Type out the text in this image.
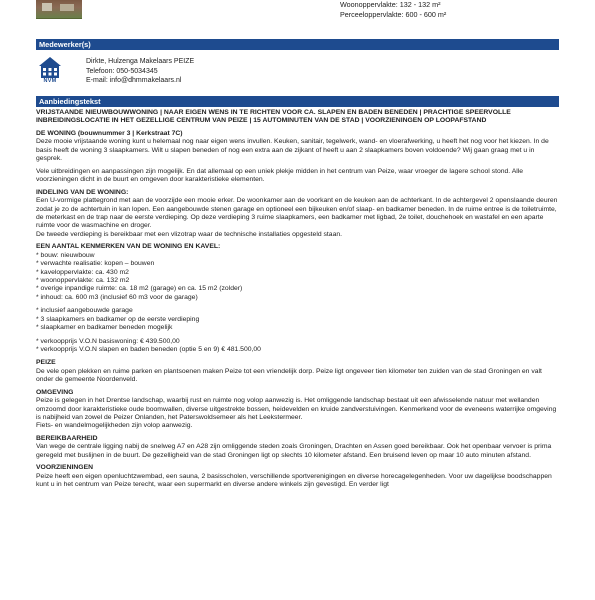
Woonoppervlakte: 132 - 132 m²
Perceeloppervlakte: 600 - 600 m²
Medewerker(s)
NVM
Dirkte, Hulzenga Makelaars PEIZE
Telefoon: 050-5034345
E-mail: info@dhmmakelaars.nl
Aanbiedingstekst

VRIJSTAANDE NIEUWBOUWWONING | NAAR EIGEN WENS IN TE RICHTEN VOOR CA. SLAPEN EN BADEN BENEDEN | PRACHTIGE SPEERVOLLE INBREIDINGSLOCATIE IN HET GEZELLIGE CENTRUM VAN PEIZE | 15 AUTOMINUTEN VAN DE STAD | VOORZIENINGEN OP LOOPAFSTAND

DE WONING (bouwnummer 3 | Kerkstraat 7C)

Deze mooie vrijstaande woning kunt u helemaal nog naar eigen wens invullen. Keuken, sanitair, tegelwerk, wand- en vloerafwerking, u heeft het nog voor het kiezen. In de basis heeft de woning 3 slaapkamers. Wilt u slapen beneden of nog een extra aan de zijkant of heeft u aan 2 slaapkamers boven voldoende? Wij gaan graag met u in gesprek.

Vele uitbreidingen en aanpassingen zijn mogelijk. En dat allemaal op een uniek plekje midden in het centrum van Peize, waar vroeger de lagere school stond. Alle voorzieningen dicht in de buurt en omgeven door karakteristieke elementen.

INDELING VAN DE WONING:

Een U-vormige plattegrond met aan de voorzijde een mooie erker. De woonkamer aan de voorkant en de keuken aan de achterkant. In de achtergevel 2 openslaande deuren zodat je zo de achtertuin in kan lopen. Een aangebouwde stenen garage en optioneel een bijkeuken en/of slaap- en badkamer beneden. In de ruime entree is de toiletruimte, de meterkast en de trap naar de eerste verdieping. Op deze verdieping 3 ruime slaapkamers, een badkamer met ligbad, 2e toilet, douchehoek en wastafel en een aparte ruimte voor de wasmachine en droger.

De tweede verdieping is bereikbaar met een vlizotrap waar de technische installaties opgesteld staan.

EEN AANTAL KENMERKEN VAN DE WONING EN KAVEL:
* bouw: nieuwbouw
* verwachte realisatie: kopen – bouwen
* kaveloppervlakte: ca. 430 m2
* woonoppervlakte: ca. 132 m2
* overige inpandige ruimte: ca. 18 m2 (garage) en ca. 15 m2 (zolder)
* inhoud: ca. 600 m3 (inclusief 60 m3 voor de garage)
* inclusief aangebouwde garage
* 3 slaapkamers en badkamer op de eerste verdieping
* slaapkamer en badkamer beneden mogelijk
* verkoopprijs V.O.N basiswoning: € 439.500,00
* verkoopprijs V.O.N slapen en baden beneden (optie 5 en 9) € 481.500,00
PEIZE

De vele open plekken en ruime parken en plantsoenen maken Peize tot een vriendelijk dorp. Peize ligt ongeveer tien kilometer ten zuiden van de stad Groningen en valt onder de gemeente Noordenveld.

OMGEVING

Peize is gelegen in het Drentse landschap, waarbij rust en ruimte nog volop aanwezig is. Het omliggende landschap bestaat uit een afwisselende natuur met wellanden omzoomd door karakteristieke oude boomwallen, diverse uitgestrekte bossen, heidevelden en kruide zandverstuivingen. Kenmerkend voor de eveneens waterrijke omgeving is nabijheid van zowel de Peizer Onlanden, het Paterswoldsemeer als het Leekstermeer.

Fiets- en wandelmogelijkheden zijn volop aanwezig.

BEREIKBAARHEID

Van wege de centrale ligging nabij de snelweg A7 en A28 zijn omliggende steden zoals Groningen, Drachten en Assen goed bereikbaar. Ook het openbaar vervoer is prima geregeld met buslijnen in de buurt. De gezelligheid van de stad Groningen ligt op slechts 10 kilometer afstand. Een bruisend leven op maar 10 auto minuten afstand.

VOORZIENINGEN

Peize heeft een eigen openluchtzwembad, een sauna, 2 basisscholen, verschillende sportverenigingen en diverse horecagelegenheden. Voor uw dagelijkse boodschappen kunt u in het centrum van Peize terecht, waar een supermarkt en diverse andere winkels zijn gevestigd. En verder ligt
